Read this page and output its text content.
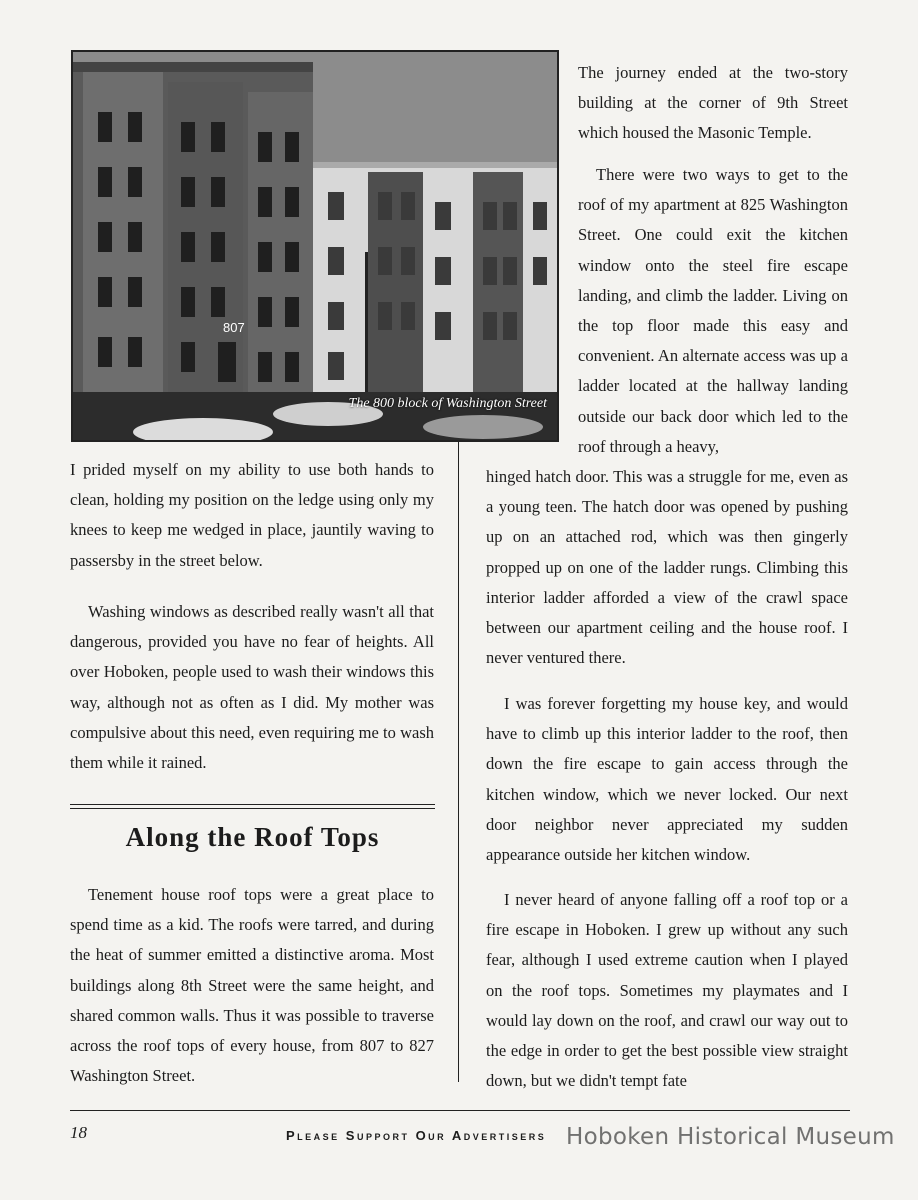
807
The 800 block of Washington Street

The journey ended at the two-story building at the corner of 9th Street which housed the Masonic Temple.

There were two ways to get to the roof of my apartment at 825 Washington Street. One could exit the kitchen window onto the steel fire escape landing, and climb the ladder. Living on the top floor made this easy and convenient. An alternate access was up a ladder located at the hallway landing outside our back door which led to the roof through a heavy,

hinged hatch door. This was a struggle for me, even as a young teen. The hatch door was opened by pushing up on an attached rod, which was then gingerly propped up on one of the ladder rungs. Climbing this interior ladder afforded a view of the crawl space between our apartment ceiling and the house roof. I never ventured there.

I was forever forgetting my house key, and would have to climb up this interior ladder to the roof, then down the fire escape to gain access through the kitchen window, which we never locked. Our next door neighbor never appreciated my sudden appearance outside her kitchen window.

I never heard of anyone falling off a roof top or a fire escape in Hoboken. I grew up without any such fear, although I used extreme caution when I played on the roof tops. Sometimes my playmates and I would lay down on the roof, and crawl our way out to the edge in order to get the best possible view straight down, but we didn't tempt fate

I prided myself on my ability to use both hands to clean, holding my position on the ledge using only my knees to keep me wedged in place, jauntily waving to passersby in the street below.

Washing windows as described really wasn't all that dangerous, provided you have no fear of heights. All over Hoboken, people used to wash their windows this way, although not as often as I did. My mother was compulsive about this need, even requiring me to wash them while it rained.

Along the Roof Tops

Tenement house roof tops were a great place to spend time as a kid. The roofs were tarred, and during the heat of summer emitted a distinctive aroma. Most buildings along 8th Street were the same height, and shared common walls. Thus it was possible to traverse across the roof tops of every house, from 807 to 827 Washington Street.

18	Please Support Our Advertisers Hoboken Historical Museum
